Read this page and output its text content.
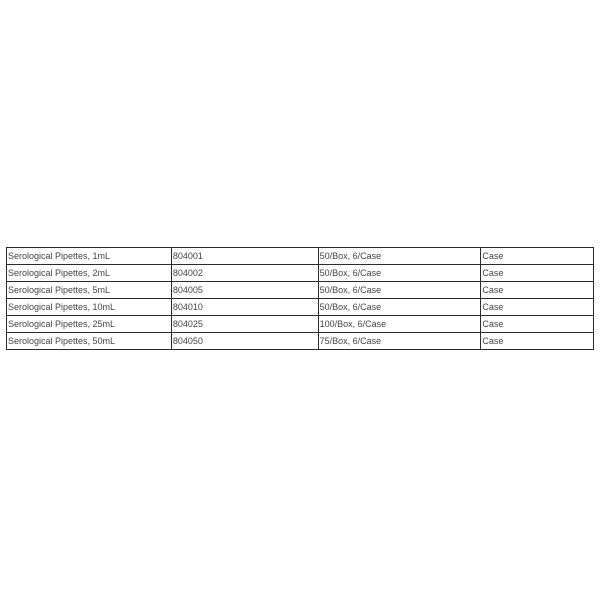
Serological Pipettes, 1mL	804001	50/Box, 6/Case	Case
Serological Pipettes, 2mL	804002	50/Box, 6/Case	Case
Serological Pipettes, 5mL	804005	50/Box, 6/Case	Case
Serological Pipettes, 10mL	804010	50/Box, 6/Case	Case
Serological Pipettes, 25mL	804025	100/Box, 6/Case	Case
Serological Pipettes, 50mL	804050	75/Box, 6/Case	Case
